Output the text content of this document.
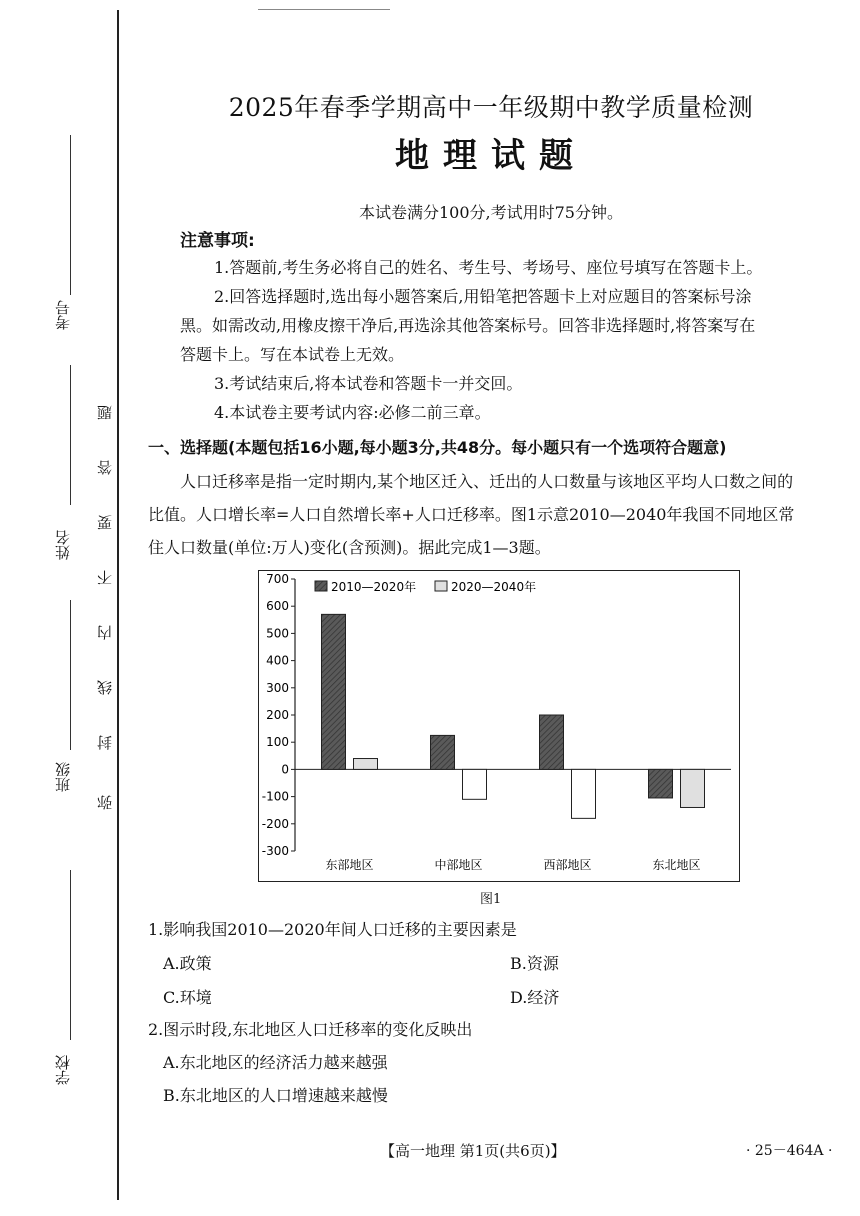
考号
姓名
班级
学校
题
答
要
不
内
线
封
弥
2025年春季学期高中一年级期中教学质量检测
地理试题
本试卷满分100分,考试用时75分钟。
注意事项:
1.答题前,考生务必将自己的姓名、考生号、考场号、座位号填写在答题卡上。
2.回答选择题时,选出每小题答案后,用铅笔把答题卡上对应题目的答案标号涂
黑。如需改动,用橡皮擦干净后,再选涂其他答案标号。回答非选择题时,将答案写在
答题卡上。写在本试卷上无效。
3.考试结束后,将本试卷和答题卡一并交回。
4.本试卷主要考试内容:必修二前三章。
一、选择题(本题包括16小题,每小题3分,共48分。每小题只有一个选项符合题意)
人口迁移率是指一定时期内,某个地区迁入、迁出的人口数量与该地区平均人口数之间的
比值。人口增长率=人口自然增长率+人口迁移率。图1示意2010—2040年我国不同地区常
住人口数量(单位:万人)变化(含预测)。据此完成1—3题。
700
600
500
400
300
200
100
0
-100
-200
-300
东部地区	中部地区	西部地区	东北地区
2010—2020年	2020—2040年
图1
1.影响我国2010—2020年间人口迁移的主要因素是
A.政策	B.资源
C.环境	D.经济
2.图示时段,东北地区人口迁移率的变化反映出
A.东北地区的经济活力越来越强
B.东北地区的人口增速越来越慢
【高一地理 第1页(共6页)】	· 25－464A ·
